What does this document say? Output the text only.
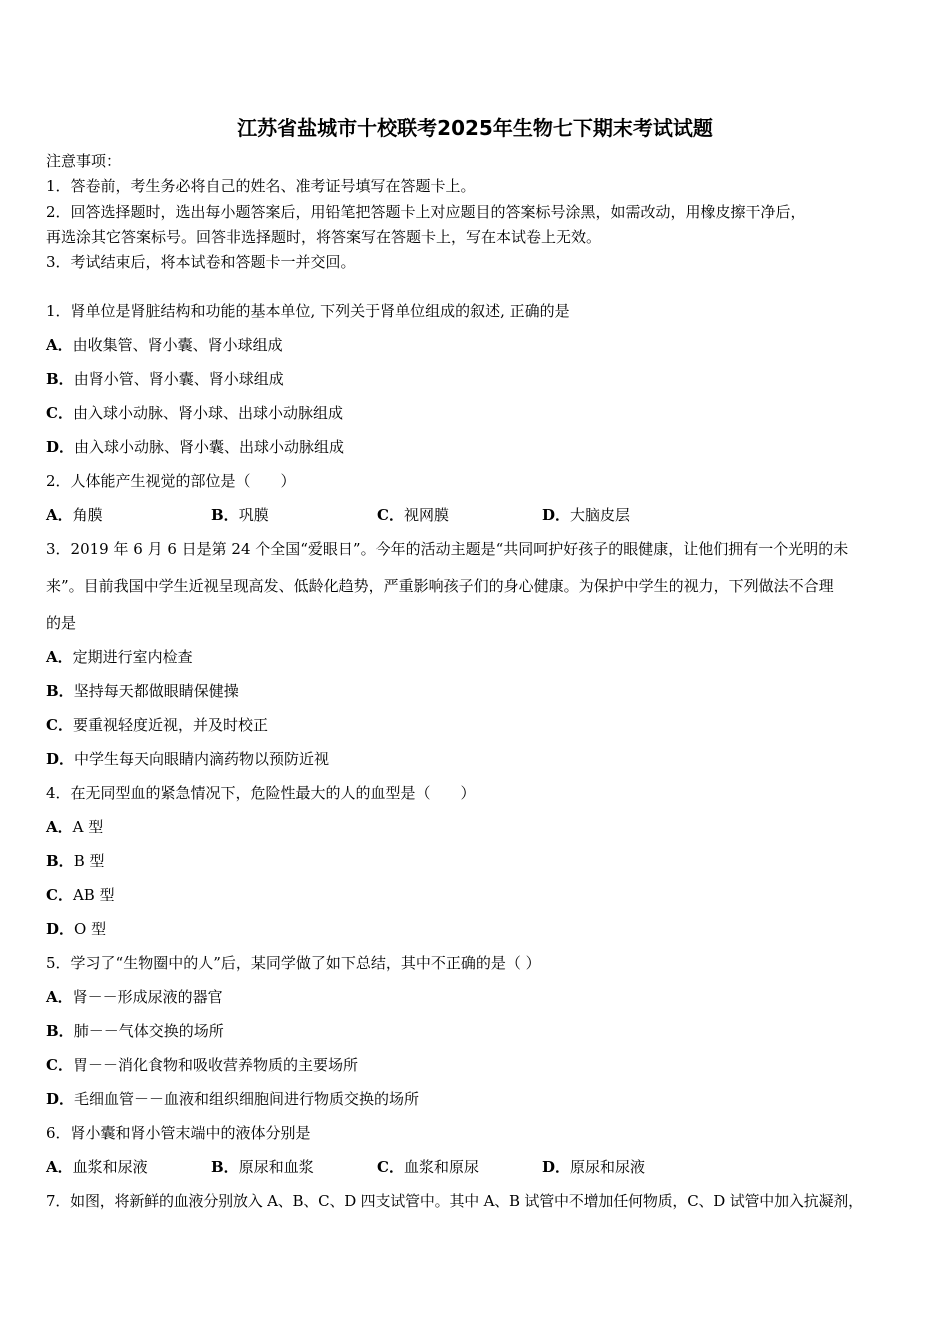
江苏省盐城市十校联考2025年生物七下期末考试试题
注意事项：
1．答卷前，考生务必将自己的姓名、准考证号填写在答题卡上。
2．回答选择题时，选出每小题答案后，用铅笔把答题卡上对应题目的答案标号涂黑，如需改动，用橡皮擦干净后，
再选涂其它答案标号。回答非选择题时，将答案写在答题卡上，写在本试卷上无效。
3．考试结束后，将本试卷和答题卡一并交回。
1．肾单位是肾脏结构和功能的基本单位, 下列关于肾单位组成的叙述, 正确的是
A．由收集管、肾小囊、肾小球组成
B．由肾小管、肾小囊、肾小球组成
C．由入球小动脉、肾小球、出球小动脉组成
D．由入球小动脉、肾小囊、出球小动脉组成
2．人体能产生视觉的部位是（　　）
A．角膜	B．巩膜	C．视网膜	D．大脑皮层
3．2019 年 6 月 6 日是第 24 个全国“爱眼日”。今年的活动主题是“共同呵护好孩子的眼健康，让他们拥有一个光明的未
来”。目前我国中学生近视呈现高发、低龄化趋势，严重影响孩子们的身心健康。为保护中学生的视力，下列做法不合理
的是
A．定期进行室内检查
B．坚持每天都做眼睛保健操
C．要重视轻度近视，并及时校正
D．中学生每天向眼睛内滴药物以预防近视
4．在无同型血的紧急情况下，危险性最大的人的血型是（　　）
A．A 型
B．B 型
C．AB 型
D．O 型
5．学习了“生物圈中的人”后，某同学做了如下总结，其中不正确的是（ ）
A．肾－－形成尿液的器官
B．肺－－气体交换的场所
C．胃－－消化食物和吸收营养物质的主要场所
D．毛细血管－－血液和组织细胞间进行物质交换的场所
6．肾小囊和肾小管末端中的液体分别是
A．血浆和尿液	B．原尿和血浆	C．血浆和原尿	D．原尿和尿液
7．如图，将新鲜的血液分别放入 A、B、C、D 四支试管中。其中 A、B 试管中不增加任何物质，C、D 试管中加入抗凝剂，
